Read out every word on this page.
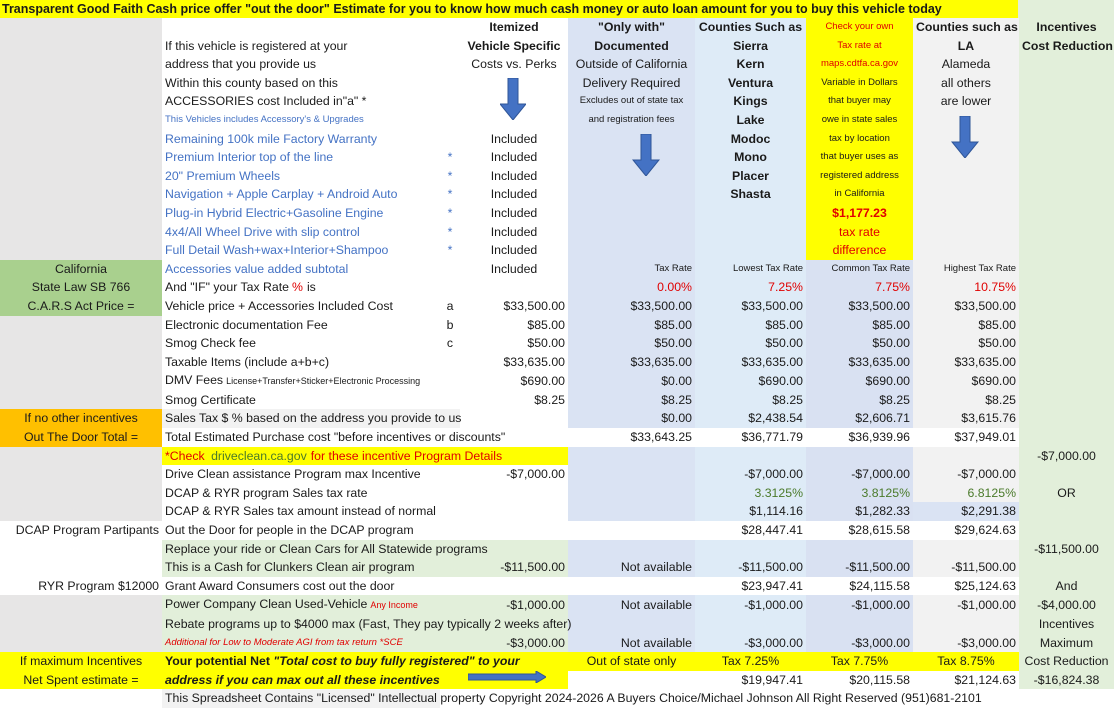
Transparent Good Faith Cash price offer "out the door" Estimate for you to know how much cash money or auto loan amount for you to buy this vehicle today
			Itemized	"Only with"	Counties Such as	Check your own	Counties such as	Incentives
	If this vehicle is registered at your		Vehicle Specific	Documented	Sierra	Tax rate at	LA	Cost Reduction
	address that you provide us		Costs vs. Perks	Outside of California	Kern	maps.cdtfa.ca.gov	Alameda	
	Within this county based on this			Delivery Required	Ventura	Variable in Dollars	all others	
	ACCESSORIES cost Included in"a" *			Excludes out of state tax	Kings	that buyer may	are lower	
	This Vehicles includes Accessory's & Upgrades			and registration fees	Lake	owe in state sales		
	Remaining 100k mile Factory Warranty		Included		Modoc	tax by location		
	Premium Interior top of the line	*	Included		Mono	that buyer uses as		
	20" Premium Wheels	*	Included		Placer	registered address		
	Navigation + Apple Carplay + Android Auto	*	Included		Shasta	in California		
	Plug-in Hybrid Electric+Gasoline Engine	*	Included			$1,177.23		
	4x4/All Wheel Drive with slip control	*	Included			tax rate		
	Full Detail Wash+wax+Interior+Shampoo	*	Included			difference		
California	Accessories value added subtotal		Included	Tax Rate	Lowest Tax Rate	Common Tax Rate	Highest Tax Rate	
State Law SB 766	And "IF" your Tax Rate % is			0.00%	7.25%	7.75%	10.75%	
C.A.R.S Act Price =	Vehicle price + Accessories Included Cost	a	$33,500.00	$33,500.00	$33,500.00	$33,500.00	$33,500.00	
	Electronic documentation Fee	b	$85.00	$85.00	$85.00	$85.00	$85.00	
	Smog Check fee	c	$50.00	$50.00	$50.00	$50.00	$50.00	
	Taxable Items (include a+b+c)		$33,635.00	$33,635.00	$33,635.00	$33,635.00	$33,635.00	
	DMV Fees License+Transfer+Sticker+Electronic Processing		$690.00	$0.00	$690.00	$690.00	$690.00	
	Smog Certificate		$8.25	$8.25	$8.25	$8.25	$8.25	
If no other incentives	Sales Tax $ % based on the address you provide to us			$0.00	$2,438.54	$2,606.71	$3,615.76	
Out The Door Total =	Total Estimated Purchase cost "before incentives or discounts"			$33,643.25	$36,771.79	$36,939.96	$37,949.01	
	*Check driveclean.ca.gov for these incentive Program Details							-$7,000.00
	Drive Clean assistance Program max Incentive		-$7,000.00		-$7,000.00	-$7,000.00	-$7,000.00	
	DCAP & RYR program Sales tax rate				3.3125%	3.8125%	6.8125%	OR
	DCAP & RYR Sales tax amount instead of normal				$1,114.16	$1,282.33	$2,291.38	
DCAP Program Partipants	Out the Door for people in the DCAP program				$28,447.41	$28,615.58	$29,624.63	
	Replace your ride or Clean Cars for All Statewide programs							-$11,500.00
	This is a Cash for Clunkers Clean air program		-$11,500.00	Not available	-$11,500.00	-$11,500.00	-$11,500.00	
RYR Program $12000	Grant Award Consumers cost out the door				$23,947.41	$24,115.58	$25,124.63	And
	Power Company Clean Used-Vehicle Any Income		-$1,000.00	Not available	-$1,000.00	-$1,000.00	-$1,000.00	-$4,000.00
	Rebate programs up to $4000 max (Fast, They pay typically 2 weeks after)							Incentives
	Additional for Low to Moderate AGI from tax return *SCE		-$3,000.00	Not available	-$3,000.00	-$3,000.00	-$3,000.00	Maximum
If maximum Incentives	Your potential Net "Total cost to buy fully registered" to your			Out of state only	Tax 7.25%	Tax 7.75%	Tax 8.75%	Cost Reduction
Net Spent estimate =	address if you can max out all these incentives				$19,947.41	$20,115.58	$21,124.63	-$16,824.38
	This Spreadsheet Contains "Licensed" Intellectual property Copyright 2024-2026 A Buyers Choice/Michael Johnson All Right Reserved (951)681-2101							
